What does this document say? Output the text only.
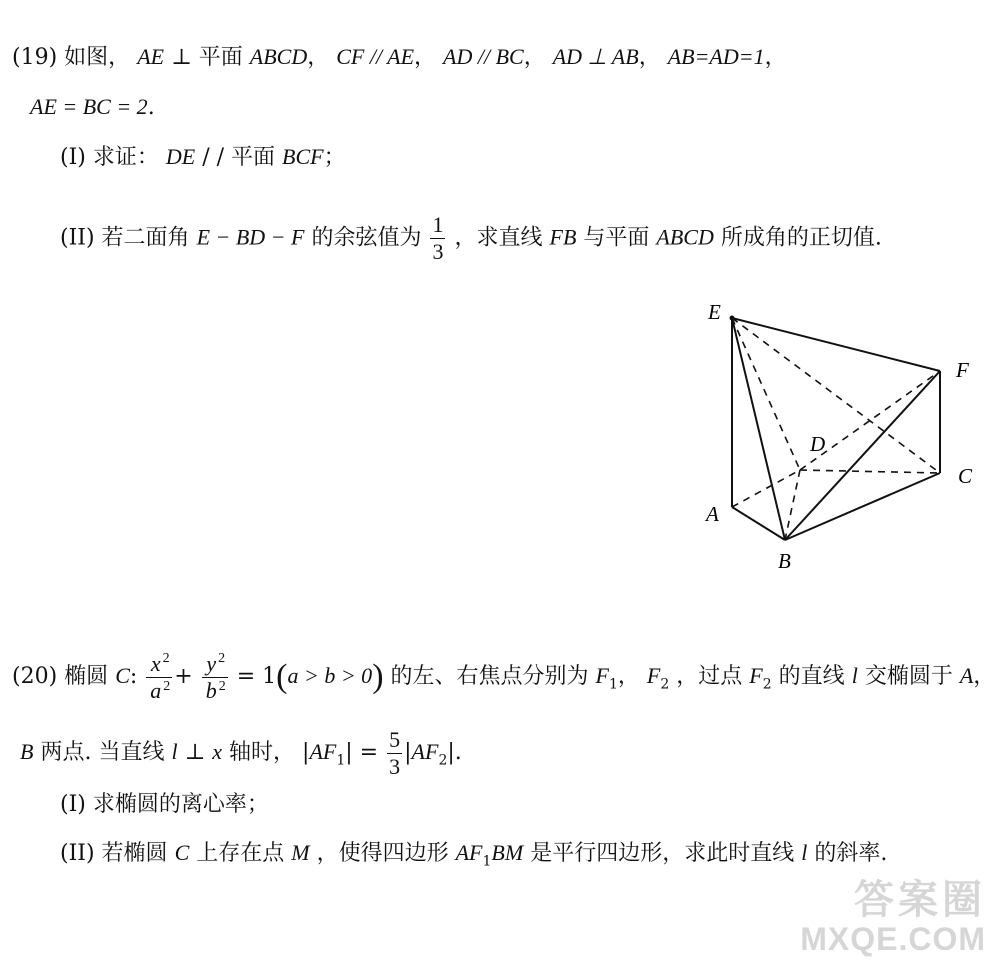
(19) 如图， AE ⊥ 平面 ABCD， CF // AE， AD // BC， AD ⊥ AB， AB=AD=1，
AE = BC = 2.
(I) 求证： DE / / 平面 BCF；
(II) 若二面角 E − BD − F 的余弦值为 $\frac{1}{3}$ ，求直线 FB 与平面 ABCD 所成角的正切值.
E
F
D
C
A
B
(20) 椭圆 C: $\frac{x ^2}{a ^2} + \frac{y ^2}{b ^2} = 1(a > b > 0)$ 的左、右焦点分别为 $F_1$， $F_2$ ，过点 $F_2$ 的直线 l 交椭圆于 A，
B 两点. 当直线 l ⊥ x 轴时， $|AF_1| = \frac{5}{3} |AF_2|$.
(I) 求椭圆的离心率；
(II) 若椭圆 C 上存在点 M ，使得四边形 $AF_1BM$ 是平行四边形，求此时直线 l 的斜率.
答案圈
MXQE.COM
